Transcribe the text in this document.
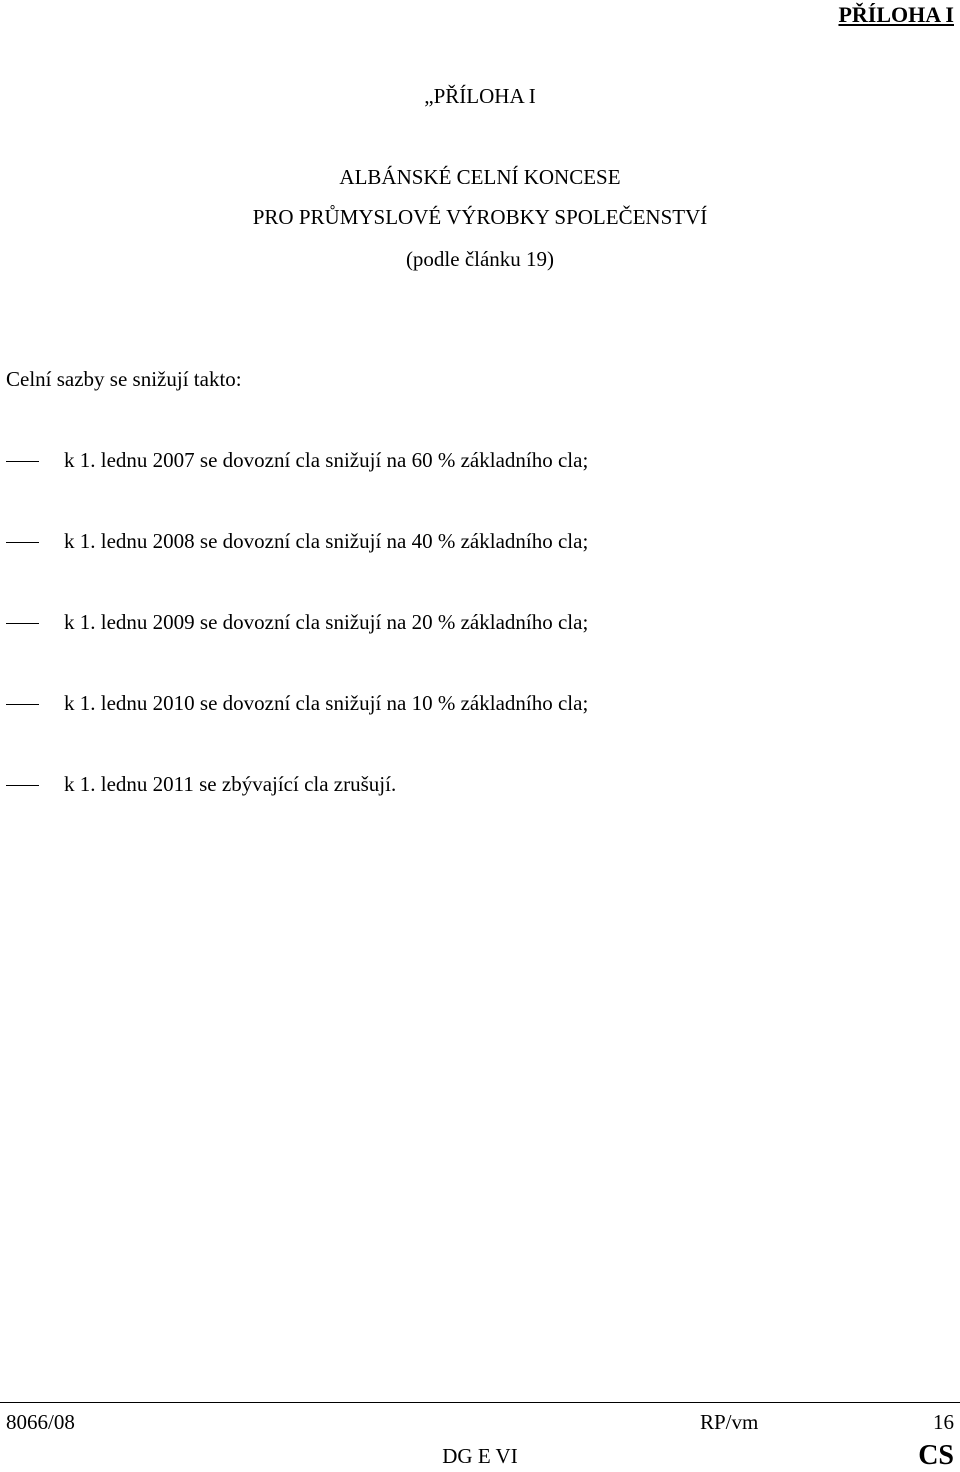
PŘÍLOHA I
„PŘÍLOHA I
ALBÁNSKÉ CELNÍ KONCESE
PRO PRŮMYSLOVÉ VÝROBKY SPOLEČENSTVÍ
(podle článku 19)
Celní sazby se snižují takto:
k 1. lednu 2007 se dovozní cla snižují na 60 % základního cla;
k 1. lednu 2008 se dovozní cla snižují na 40 % základního cla;
k 1. lednu 2009 se dovozní cla snižují na 20 % základního cla;
k 1. lednu 2010 se dovozní cla snižují na 10 % základního cla;
k 1. lednu 2011 se zbývající cla zrušují.
8066/08	RP/vm	16
DG E VI	CS
